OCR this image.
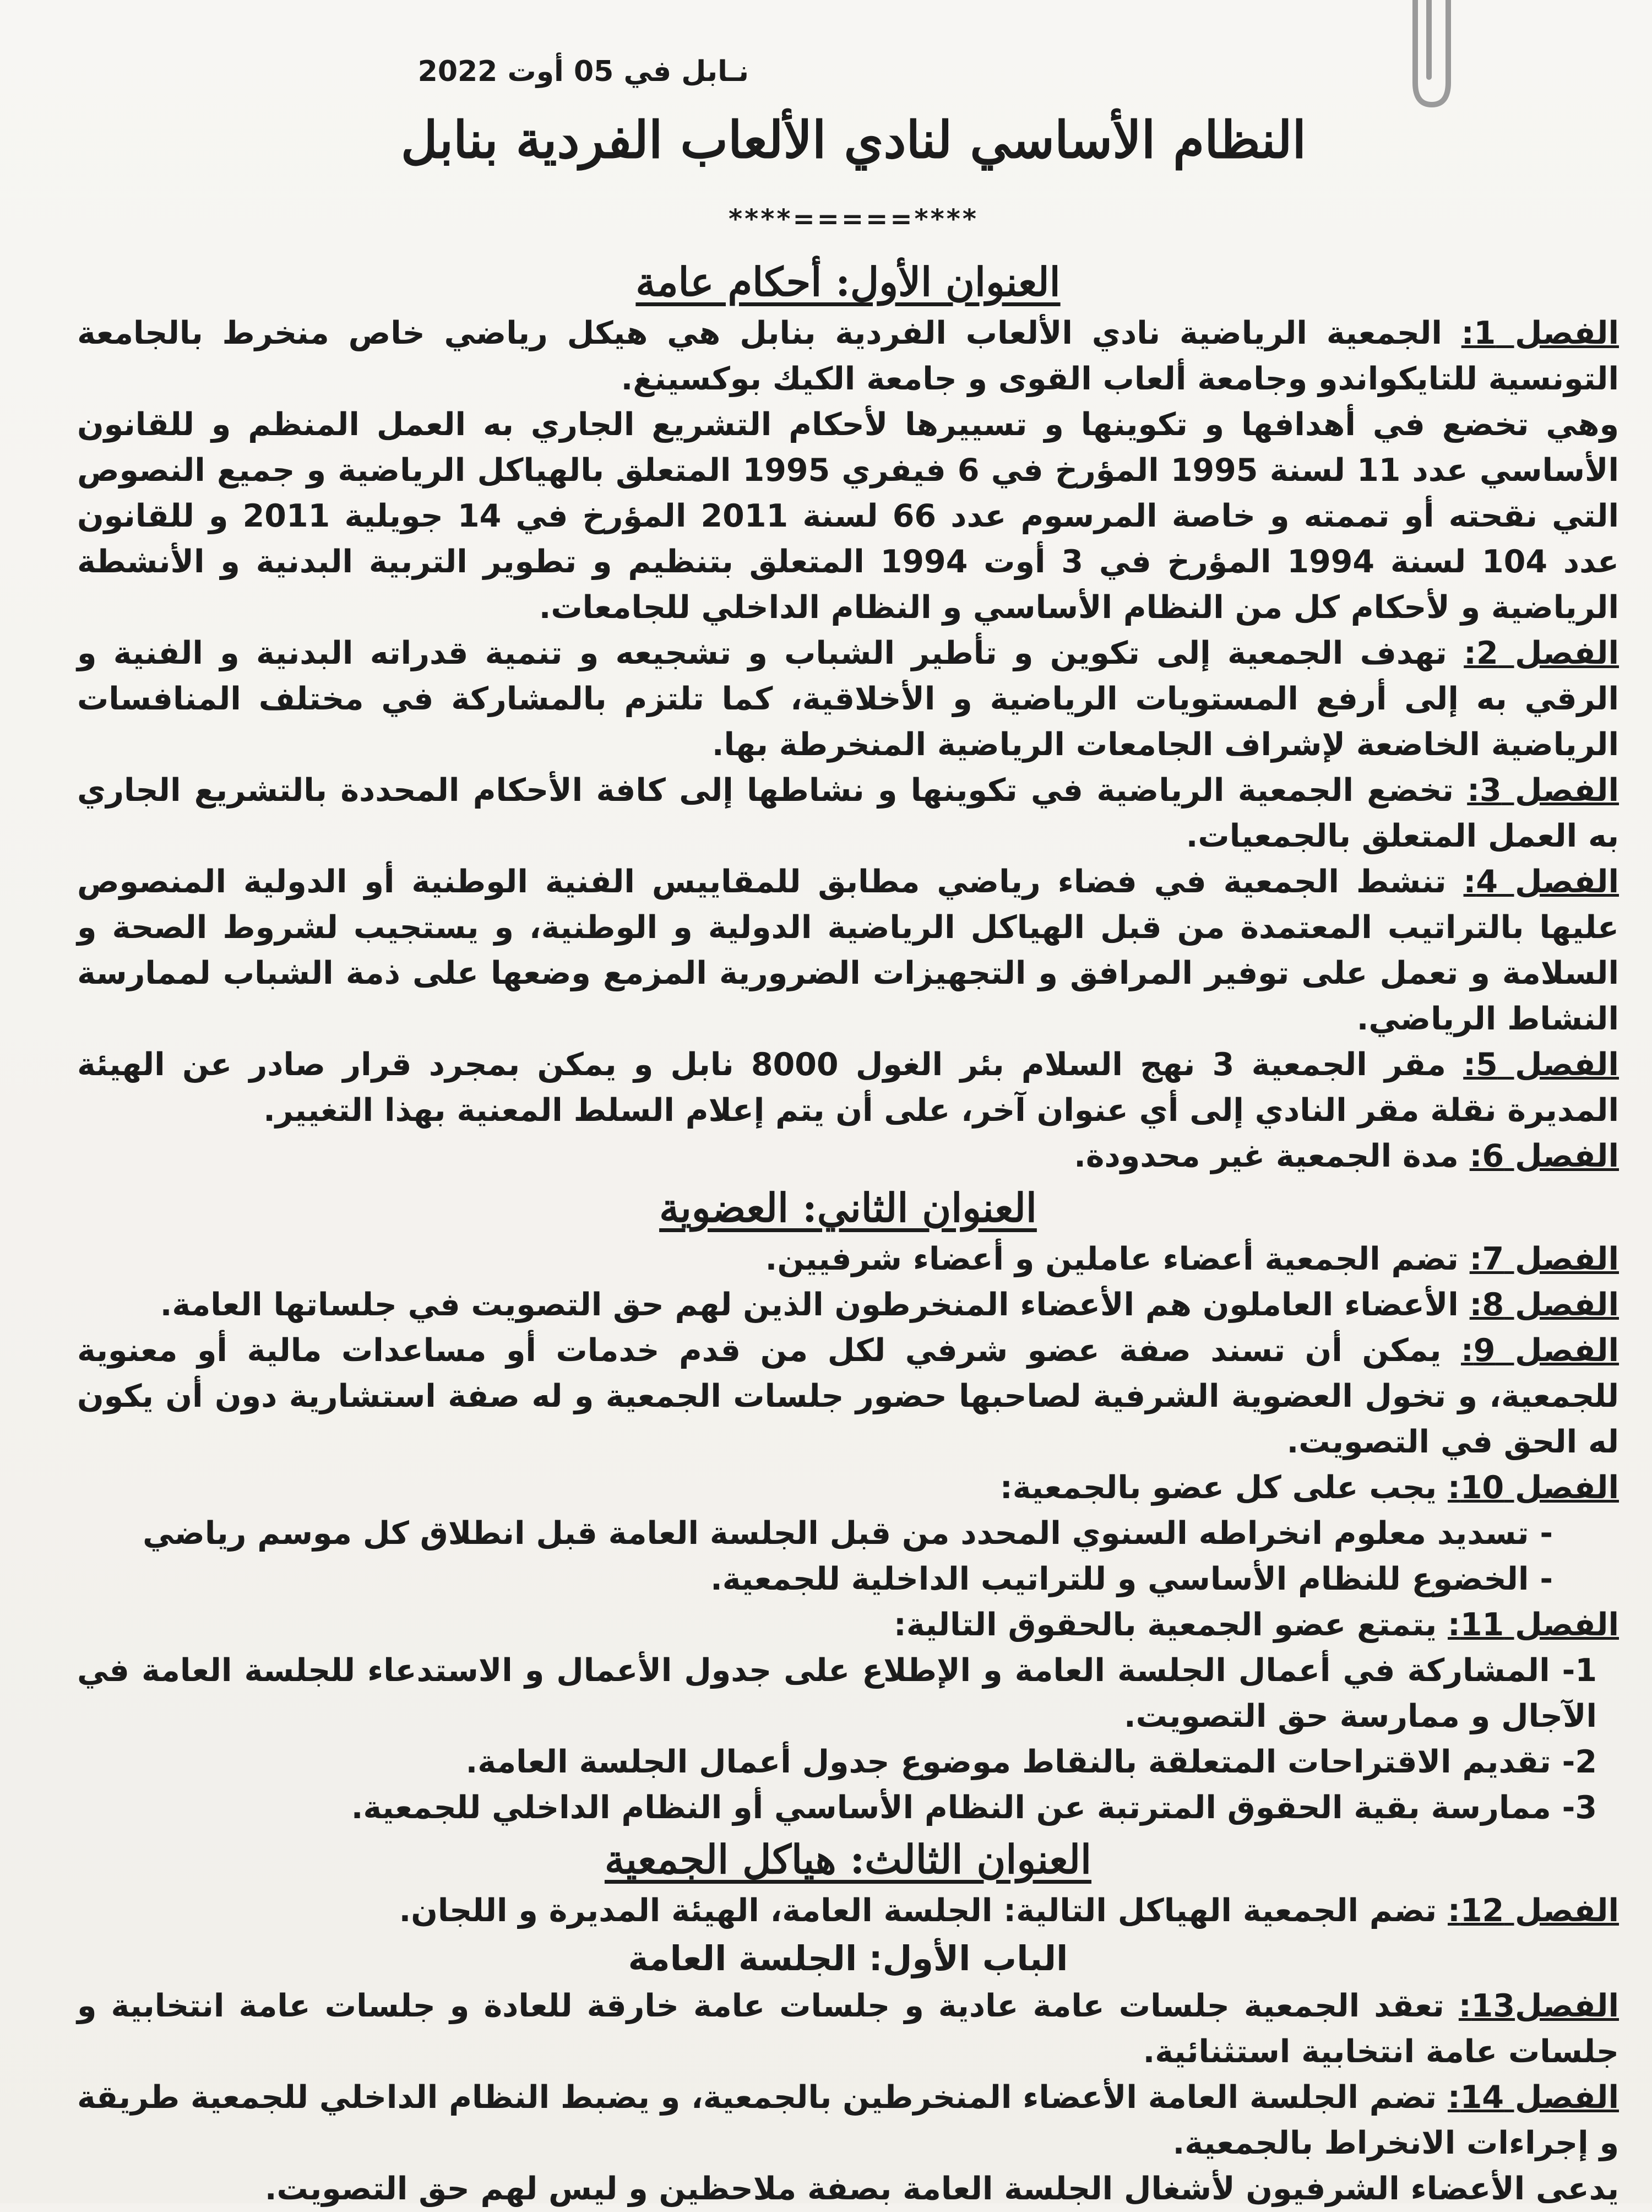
نـابل في 05 أوت 2022
النظام الأساسي لنادي الألعاب الفردية بنابل
****=====****
العنوان الأول: أحكام عامة

الفصل 1: الجمعية الرياضية نادي الألعاب الفردية بنابل هي هيكل رياضي خاص منخرط بالجامعة التونسية للتايكواندو وجامعة ألعاب القوى و جامعة الكيك بوكسينغ.

وهي تخضع في أهدافها و تكوينها و تسييرها لأحكام التشريع الجاري به العمل المنظم و للقانون الأساسي عدد 11 لسنة 1995 المؤرخ في 6 فيفري 1995 المتعلق بالهياكل الرياضية و جميع النصوص التي نقحته أو تممته و خاصة المرسوم عدد 66 لسنة 2011 المؤرخ في 14 جويلية 2011 و للقانون عدد 104 لسنة 1994 المؤرخ في 3 أوت 1994 المتعلق بتنظيم و تطوير التربية البدنية و الأنشطة الرياضية و لأحكام كل من النظام الأساسي و النظام الداخلي للجامعات.

الفصل 2: تهدف الجمعية إلى تكوين و تأطير الشباب و تشجيعه و تنمية قدراته البدنية و الفنية و الرقي به إلى أرفع المستويات الرياضية و الأخلاقية، كما تلتزم بالمشاركة في مختلف المنافسات الرياضية الخاضعة لإشراف الجامعات الرياضية المنخرطة بها.

الفصل 3: تخضع الجمعية الرياضية في تكوينها و نشاطها إلى كافة الأحكام المحددة بالتشريع الجاري به العمل المتعلق بالجمعيات.

الفصل 4: تنشط الجمعية في فضاء رياضي مطابق للمقاييس الفنية الوطنية أو الدولية المنصوص عليها بالتراتيب المعتمدة من قبل الهياكل الرياضية الدولية و الوطنية، و يستجيب لشروط الصحة و السلامة و تعمل على توفير المرافق و التجهيزات الضرورية المزمع وضعها على ذمة الشباب لممارسة النشاط الرياضي.

الفصل 5: مقر الجمعية 3 نهج السلام بئر الغول 8000 نابل و يمكن بمجرد قرار صادر عن الهيئة المديرة نقلة مقر النادي إلى أي عنوان آخر، على أن يتم إعلام السلط المعنية بهذا التغيير.

الفصل 6: مدة الجمعية غير محدودة.

العنوان الثاني: العضوية

الفصل 7: تضم الجمعية أعضاء عاملين و أعضاء شرفيين.

الفصل 8: الأعضاء العاملون هم الأعضاء المنخرطون الذين لهم حق التصويت في جلساتها العامة.

الفصل 9: يمكن أن تسند صفة عضو شرفي لكل من قدم خدمات أو مساعدات مالية أو معنوية للجمعية، و تخول العضوية الشرفية لصاحبها حضور جلسات الجمعية و له صفة استشارية دون أن يكون له الحق في التصويت.

الفصل 10: يجب على كل عضو بالجمعية:

- تسديد معلوم انخراطه السنوي المحدد من قبل الجلسة العامة قبل انطلاق كل موسم رياضي
- الخضوع للنظام الأساسي و للتراتيب الداخلية للجمعية.

الفصل 11: يتمتع عضو الجمعية بالحقوق التالية:

1- المشاركة في أعمال الجلسة العامة و الإطلاع على جدول الأعمال و الاستدعاء للجلسة العامة في الآجال و ممارسة حق التصويت.
2- تقديم الاقتراحات المتعلقة بالنقاط موضوع جدول أعمال الجلسة العامة.
3- ممارسة بقية الحقوق المترتبة عن النظام الأساسي أو النظام الداخلي للجمعية.
العنوان الثالث: هياكل الجمعية

الفصل 12: تضم الجمعية الهياكل التالية: الجلسة العامة، الهيئة المديرة و اللجان.

الباب الأول: الجلسة العامة

الفصل13: تعقد الجمعية جلسات عامة عادية و جلسات عامة خارقة للعادة و جلسات عامة انتخابية و جلسات عامة انتخابية استثنائية.

الفصل 14: تضم الجلسة العامة الأعضاء المنخرطين بالجمعية، و يضبط النظام الداخلي للجمعية طريقة و إجراءات الانخراط بالجمعية.

يدعى الأعضاء الشرفيون لأشغال الجلسة العامة بصفة ملاحظين و ليس لهم حق التصويت.
